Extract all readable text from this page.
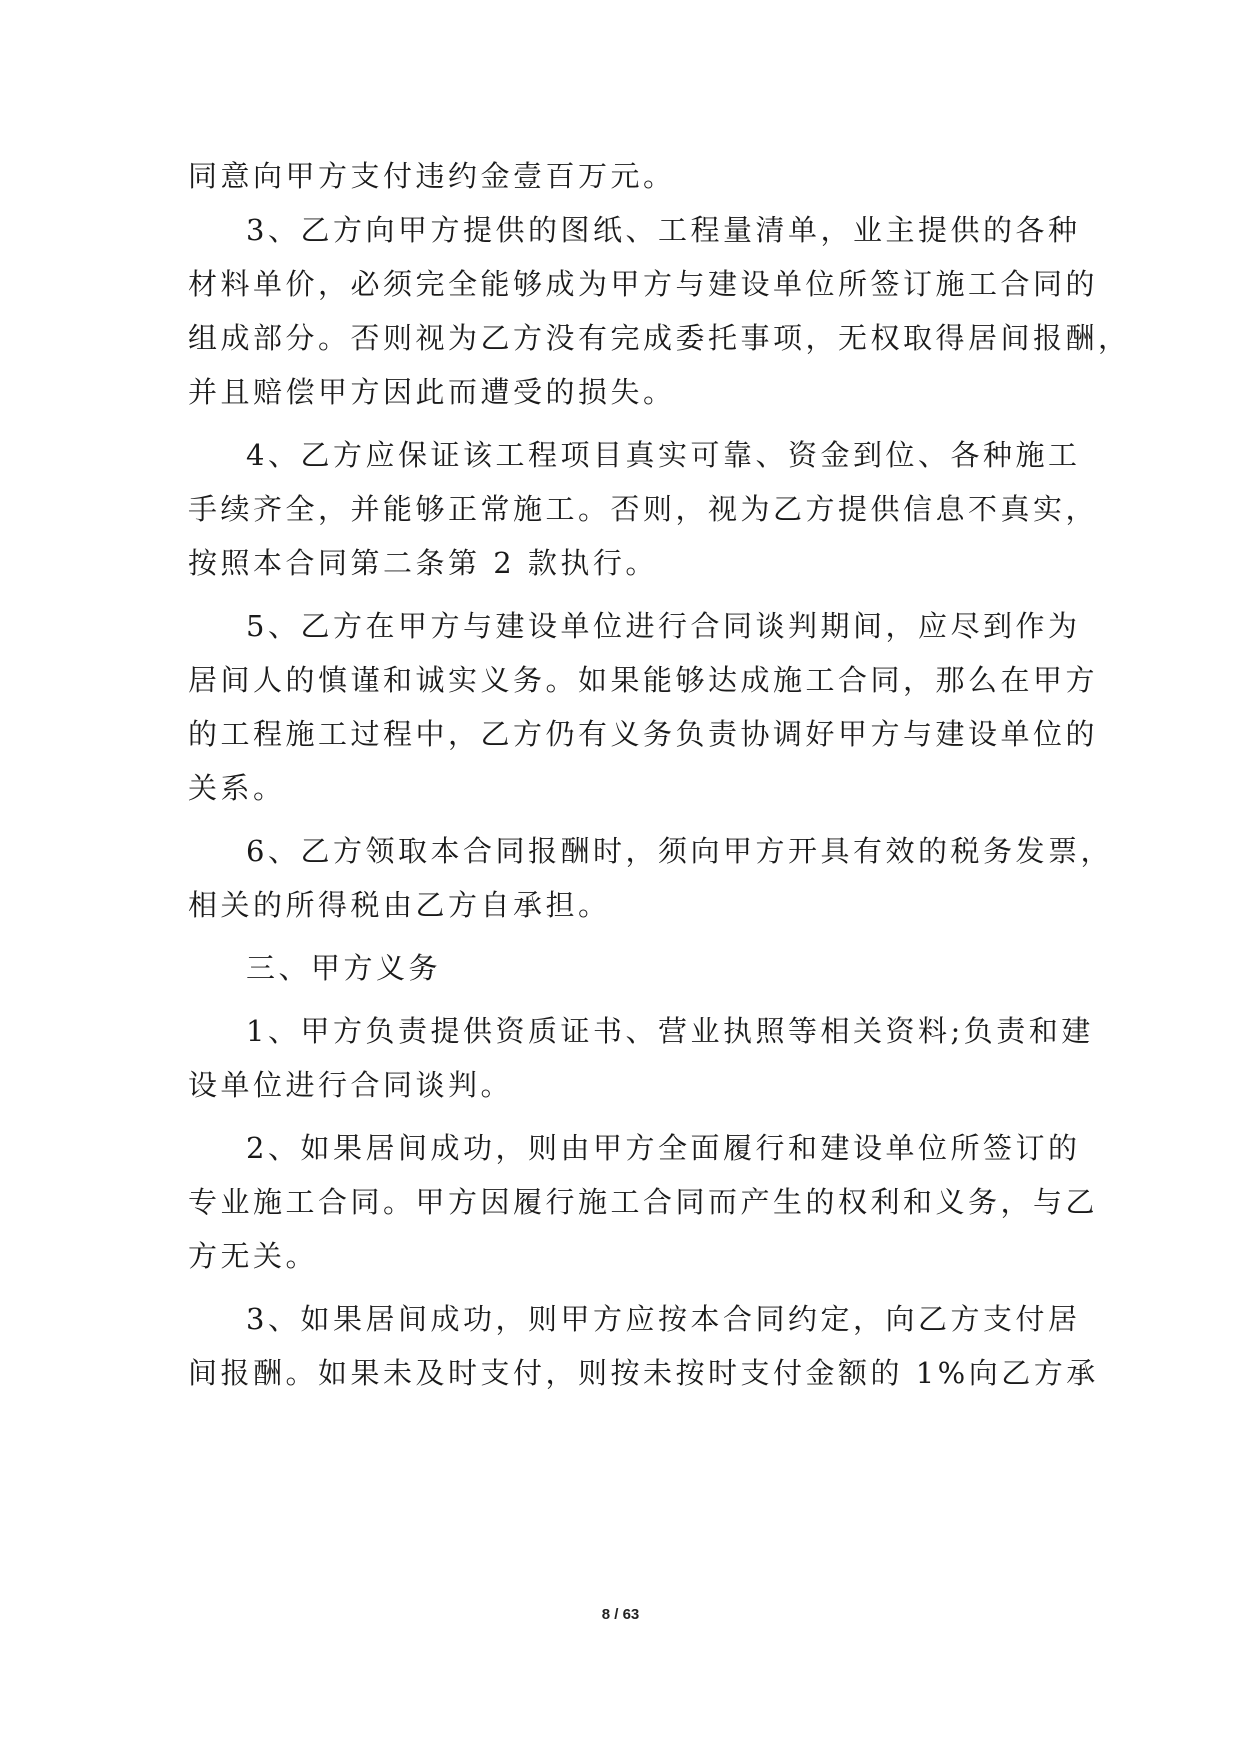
同意向甲方支付违约金壹百万元。
3、乙方向甲方提供的图纸、工程量清单，业主提供的各种
材料单价，必须完全能够成为甲方与建设单位所签订施工合同的
组成部分。否则视为乙方没有完成委托事项，无权取得居间报酬，
并且赔偿甲方因此而遭受的损失。
4、乙方应保证该工程项目真实可靠、资金到位、各种施工
手续齐全，并能够正常施工。否则，视为乙方提供信息不真实，
按照本合同第二条第 2 款执行。
5、乙方在甲方与建设单位进行合同谈判期间，应尽到作为
居间人的慎谨和诚实义务。如果能够达成施工合同，那么在甲方
的工程施工过程中，乙方仍有义务负责协调好甲方与建设单位的
关系。
6、乙方领取本合同报酬时，须向甲方开具有效的税务发票，
相关的所得税由乙方自承担。
三、甲方义务
1、甲方负责提供资质证书、营业执照等相关资料;负责和建
设单位进行合同谈判。
2、如果居间成功，则由甲方全面履行和建设单位所签订的
专业施工合同。甲方因履行施工合同而产生的权利和义务，与乙
方无关。
3、如果居间成功，则甲方应按本合同约定，向乙方支付居
间报酬。如果未及时支付，则按未按时支付金额的 1%向乙方承
8 / 63
